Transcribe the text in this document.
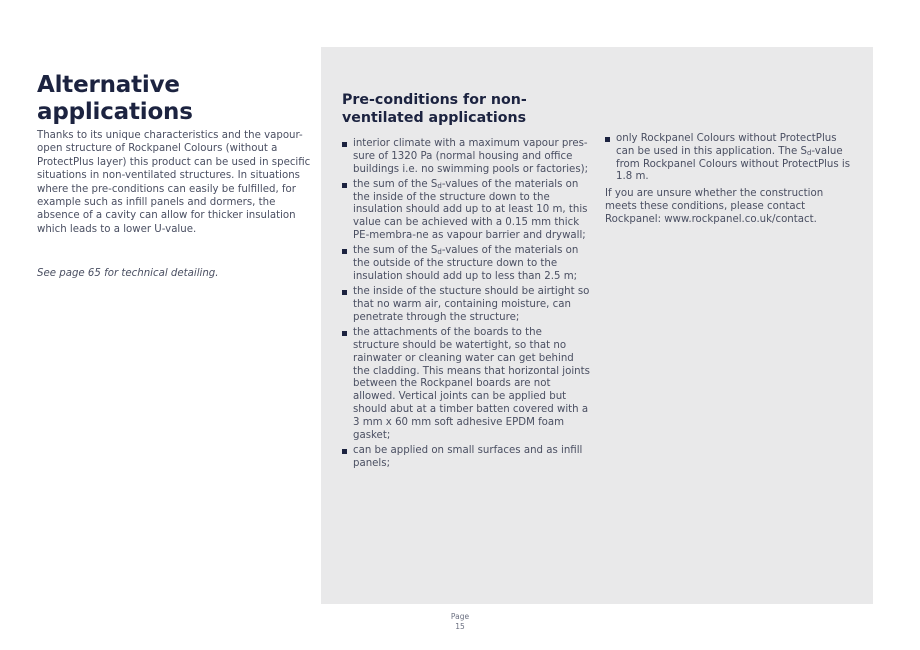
Alternative applications

Thanks to its unique characteristics and the vapour-open structure of Rockpanel Colours (without a ProtectPlus layer) this product can be used in specific situations in non-ventilated structures. In situations where the pre-conditions can easily be fulfilled, for example such as infill panels and dormers, the absence of a cavity can allow for thicker insulation which leads to a lower U-value.

See page 65 for technical detailing.

Pre-conditions for non-ventilated applications
interior climate with a maximum vapour pres-sure of 1320 Pa (normal housing and office buildings i.e. no swimming pools or factories);
the sum of the $S_d$-values of the materials on the inside of the structure down to the insulation should add up to at least 10 m, this value can be achieved with a 0.15 mm thick PE-membra-ne as vapour barrier and drywall;
the sum of the $S_d$-values of the materials on the outside of the structure down to the insulation should add up to less than 2.5 m;
the inside of the stucture should be airtight so that no warm air, containing moisture, can penetrate through the structure;
the attachments of the boards to the structure should be watertight, so that no rainwater or cleaning water can get behind the cladding. This means that horizontal joints between the Rockpanel boards are not allowed. Vertical joints can be applied but should abut at a timber batten covered with a 3 mm x 60 mm soft adhesive EPDM foam gasket;
can be applied on small surfaces and as infill panels;
only Rockpanel Colours without ProtectPlus can be used in this application. The $S_d$-value from Rockpanel Colours without ProtectPlus is 1.8 m.

If you are unsure whether the construction meets these conditions, please contact Rockpanel: www.rockpanel.co.uk/contact.

Page
15
